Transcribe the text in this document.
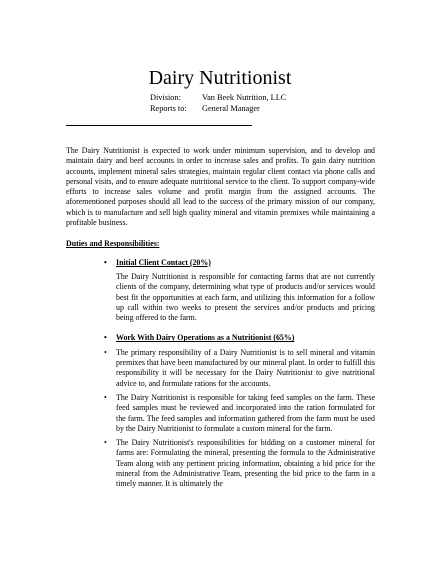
Dairy Nutritionist
Division:	Van Beek Nutrition, LLC
Reports to:	General Manager

The Dairy Nutritionist is expected to work under minimum supervision, and to develop and maintain dairy and beef accounts in order to increase sales and profits. To gain dairy nutrition accounts, implement mineral sales strategies, maintain regular client contact via phone calls and personal visits, and to ensure adequate nutritional service to the client. To support company-wide efforts to increase sales volume and profit margin from the assigned accounts. The aforementioned purposes should all lead to the success of the primary mission of our company, which is to manufacture and sell high quality mineral and vitamin premixes while maintaining a profitable business.

Duties and Responsibilities:
• Initial Client Contact (20%)
The Dairy Nutritionist is responsible for contacting farms that are not currently clients of the company, determining what type of products and/or services would best fit the opportunities at each farm, and utilizing this information for a follow up call within two weeks to present the services and/or products and pricing being offered to the farm.
• Work With Dairy Operations as a Nutritionist (65%)
• The primary responsibility of a Dairy Nutritionist is to sell mineral and vitamin premixes that have been manufactured by our mineral plant. In order to fulfill this responsibility it will be necessary for the Dairy Nutritionist to give nutritional advice to, and formulate rations for the accounts.
• The Dairy Nutritionist is responsible for taking feed samples on the farm. These feed samples must be reviewed and incorporated into the ration formulated for the farm. The feed samples and information gathered from the farm must be used by the Dairy Nutritionist to formulate a custom mineral for the farm.
• The Dairy Nutritionist's responsibilities for bidding on a customer mineral for farms are: Formulating the mineral, presenting the formula to the Administrative Team along with any pertinent pricing information, obtaining a bid price for the mineral from the Administrative Team, presenting the bid price to the farm in a timely manner. It is ultimately the
